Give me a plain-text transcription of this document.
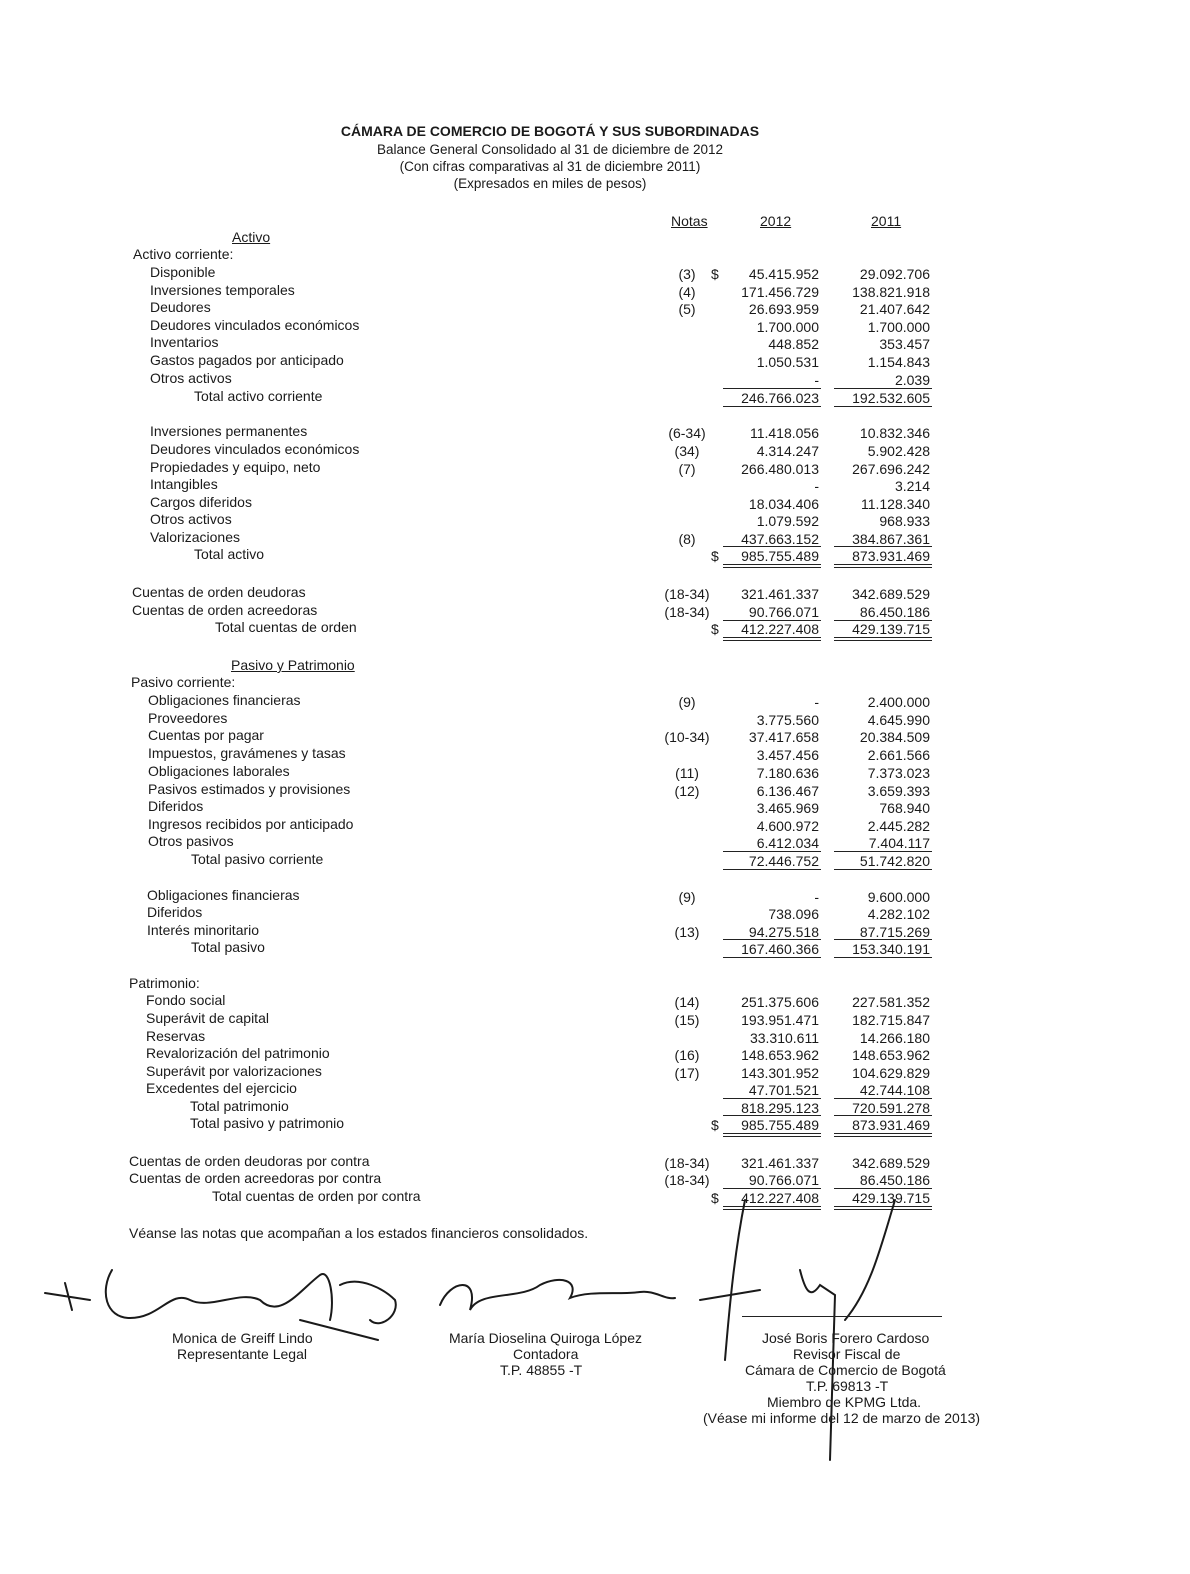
CÁMARA DE COMERCIO DE BOGOTÁ Y SUS SUBORDINADAS
Balance General Consolidado al 31 de diciembre de 2012
(Con cifras comparativas al 31 de diciembre 2011)
(Expresados en miles de pesos)
Notas	2012	2011
Activo
Activo corriente:
Disponible	(3)	$	45.415.952	29.092.706
Inversiones temporales	(4)	171.456.729	138.821.918
Deudores	(5)	26.693.959	21.407.642
Deudores vinculados económicos	1.700.000	1.700.000
Inventarios	448.852	353.457
Gastos pagados por anticipado	1.050.531	1.154.843
Otros activos	-	2.039
Total activo corriente	246.766.023	192.532.605
Inversiones permanentes	(6-34)	11.418.056	10.832.346
Deudores vinculados económicos	(34)	4.314.247	5.902.428
Propiedades y equipo, neto	(7)	266.480.013	267.696.242
Intangibles	-	3.214
Cargos diferidos	18.034.406	11.128.340
Otros activos	1.079.592	968.933
Valorizaciones	(8)	437.663.152	384.867.361
Total activo	$	985.755.489	873.931.469
Cuentas de orden deudoras	(18-34)	321.461.337	342.689.529
Cuentas de orden acreedoras	(18-34)	90.766.071	86.450.186
Total cuentas de orden	$	412.227.408	429.139.715
Pasivo y Patrimonio
Pasivo corriente:
Obligaciones financieras	(9)	-	2.400.000
Proveedores	3.775.560	4.645.990
Cuentas por pagar	(10-34)	37.417.658	20.384.509
Impuestos, gravámenes y tasas	3.457.456	2.661.566
Obligaciones laborales	(11)	7.180.636	7.373.023
Pasivos estimados y provisiones	(12)	6.136.467	3.659.393
Diferidos	3.465.969	768.940
Ingresos recibidos por anticipado	4.600.972	2.445.282
Otros pasivos	6.412.034	7.404.117
Total pasivo corriente	72.446.752	51.742.820
Obligaciones financieras	(9)	-	9.600.000
Diferidos	738.096	4.282.102
Interés minoritario	(13)	94.275.518	87.715.269
Total pasivo	167.460.366	153.340.191
Patrimonio:
Fondo social	(14)	251.375.606	227.581.352
Superávit de capital	(15)	193.951.471	182.715.847
Reservas	33.310.611	14.266.180
Revalorización del patrimonio	(16)	148.653.962	148.653.962
Superávit por valorizaciones	(17)	143.301.952	104.629.829
Excedentes del ejercicio	47.701.521	42.744.108
Total patrimonio	818.295.123	720.591.278
Total pasivo y patrimonio	$	985.755.489	873.931.469
Cuentas de orden deudoras por contra	(18-34)	321.461.337	342.689.529
Cuentas de orden acreedoras por contra	(18-34)	90.766.071	86.450.186
Total cuentas de orden por contra	$	412.227.408	429.139.715
Véanse las notas que acompañan a los estados financieros consolidados.
Monica de Greiff Lindo
Representante Legal
María Dioselina Quiroga López
Contadora
T.P. 48855 -T
José Boris Forero Cardoso
Revisor Fiscal de
Cámara de Comercio de Bogotá
T.P. 69813 -T
Miembro de KPMG Ltda.
(Véase mi informe del 12 de marzo de 2013)
